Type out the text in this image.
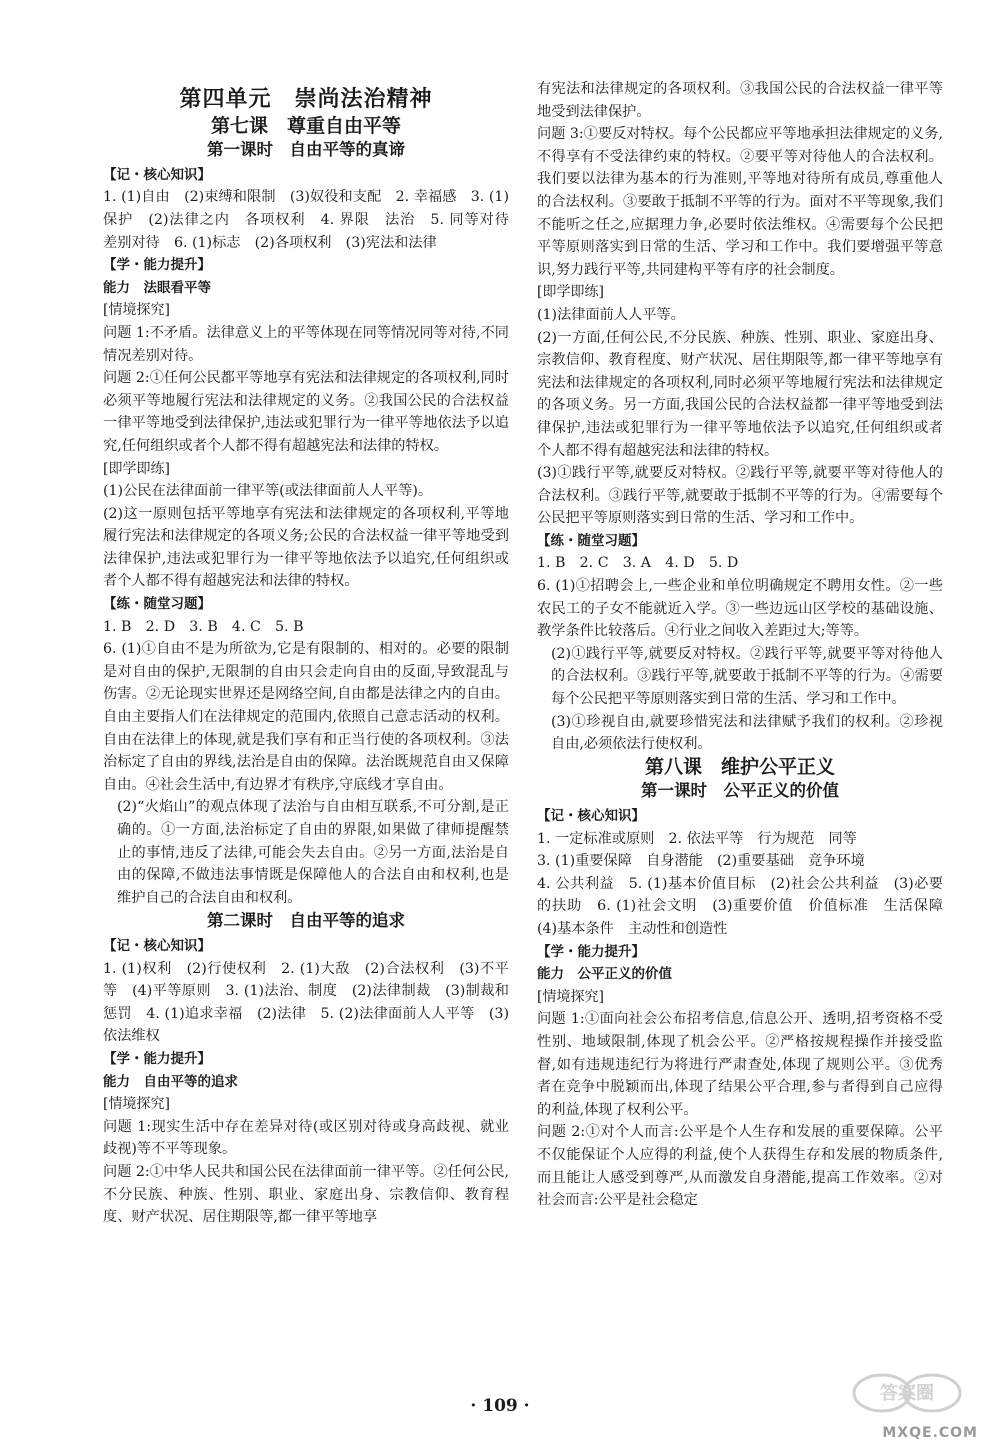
第四单元　崇尚法治精神
第七课　尊重自由平等
第一课时　自由平等的真谛

【记・核心知识】

1. (1)自由　(2)束缚和限制　(3)奴役和支配　2. 幸福感　3. (1)保护　(2)法律之内　各项权利　4. 界限　法治　5. 同等对待　差别对待　6. (1)标志　(2)各项权利　(3)宪法和法律

【学・能力提升】

能力　法眼看平等

[情境探究]

问题 1:不矛盾。法律意义上的平等体现在同等情况同等对待,不同情况差别对待。

问题 2:①任何公民都平等地享有宪法和法律规定的各项权利,同时必须平等地履行宪法和法律规定的义务。②我国公民的合法权益一律平等地受到法律保护,违法或犯罪行为一律平等地依法予以追究,任何组织或者个人都不得有超越宪法和法律的特权。

[即学即练]

(1)公民在法律面前一律平等(或法律面前人人平等)。

(2)这一原则包括平等地享有宪法和法律规定的各项权利,平等地履行宪法和法律规定的各项义务;公民的合法权益一律平等地受到法律保护,违法或犯罪行为一律平等地依法予以追究,任何组织或者个人都不得有超越宪法和法律的特权。

【练・随堂习题】

1. B　2. D　3. B　4. C　5. B

6. (1)①自由不是为所欲为,它是有限制的、相对的。必要的限制是对自由的保护,无限制的自由只会走向自由的反面,导致混乱与伤害。②无论现实世界还是网络空间,自由都是法律之内的自由。自由主要指人们在法律规定的范围内,依照自己意志活动的权利。自由在法律上的体现,就是我们享有和正当行使的各项权利。③法治标定了自由的界线,法治是自由的保障。法治既规范自由又保障自由。④社会生活中,有边界才有秩序,守底线才享自由。

(2)“火焰山”的观点体现了法治与自由相互联系,不可分割,是正确的。①一方面,法治标定了自由的界限,如果做了律师提醒禁止的事情,违反了法律,可能会失去自由。②另一方面,法治是自由的保障,不做违法事情既是保障他人的合法自由和权利,也是维护自己的合法自由和权利。

第二课时　自由平等的追求

【记・核心知识】

1. (1)权利　(2)行使权利　2. (1)大敌　(2)合法权利　(3)不平等　(4)平等原则　3. (1)法治、制度　(2)法律制裁　(3)制裁和惩罚　4. (1)追求幸福　(2)法律　5. (2)法律面前人人平等　(3)依法维权

【学・能力提升】

能力　自由平等的追求

[情境探究]

问题 1:现实生活中存在差异对待(或区别对待或身高歧视、就业歧视)等不平等现象。

问题 2:①中华人民共和国公民在法律面前一律平等。②任何公民,不分民族、种族、性别、职业、家庭出身、宗教信仰、教育程度、财产状况、居住期限等,都一律平等地享

有宪法和法律规定的各项权利。③我国公民的合法权益一律平等地受到法律保护。

问题 3:①要反对特权。每个公民都应平等地承担法律规定的义务,不得享有不受法律约束的特权。②要平等对待他人的合法权利。我们要以法律为基本的行为准则,平等地对待所有成员,尊重他人的合法权利。③要敢于抵制不平等的行为。面对不平等现象,我们不能听之任之,应据理力争,必要时依法维权。④需要每个公民把平等原则落实到日常的生活、学习和工作中。我们要增强平等意识,努力践行平等,共同建构平等有序的社会制度。

[即学即练]

(1)法律面前人人平等。

(2)一方面,任何公民,不分民族、种族、性别、职业、家庭出身、宗教信仰、教育程度、财产状况、居住期限等,都一律平等地享有宪法和法律规定的各项权利,同时必须平等地履行宪法和法律规定的各项义务。另一方面,我国公民的合法权益都一律平等地受到法律保护,违法或犯罪行为一律平等地依法予以追究,任何组织或者个人都不得有超越宪法和法律的特权。

(3)①践行平等,就要反对特权。②践行平等,就要平等对待他人的合法权利。③践行平等,就要敢于抵制不平等的行为。④需要每个公民把平等原则落实到日常的生活、学习和工作中。

【练・随堂习题】

1. B　2. C　3. A　4. D　5. D

6. (1)①招聘会上,一些企业和单位明确规定不聘用女性。②一些农民工的子女不能就近入学。③一些边远山区学校的基础设施、教学条件比较落后。④行业之间收入差距过大;等等。

(2)①践行平等,就要反对特权。②践行平等,就要平等对待他人的合法权利。③践行平等,就要敢于抵制不平等的行为。④需要每个公民把平等原则落实到日常的生活、学习和工作中。

(3)①珍视自由,就要珍惜宪法和法律赋予我们的权利。②珍视自由,必须依法行使权利。

第八课　维护公平正义
第一课时　公平正义的价值

【记・核心知识】

1. 一定标准或原则　2. 依法平等　行为规范　同等

3. (1)重要保障　自身潜能　(2)重要基础　竞争环境

4. 公共利益　5. (1)基本价值目标　(2)社会公共利益　(3)必要的扶助　6. (1)社会文明　(3)重要价值　价值标准　生活保障　(4)基本条件　主动性和创造性

【学・能力提升】

能力　公平正义的价值

[情境探究]

问题 1:①面向社会公布招考信息,信息公开、透明,招考资格不受性别、地域限制,体现了机会公平。②严格按规程操作并接受监督,如有违规违纪行为将进行严肃查处,体现了规则公平。③优秀者在竞争中脱颖而出,体现了结果公平合理,参与者得到自己应得的利益,体现了权利公平。

问题 2:①对个人而言:公平是个人生存和发展的重要保障。公平不仅能保证个人应得的利益,使个人获得生存和发展的物质条件,而且能让人感受到尊严,从而激发自身潜能,提高工作效率。②对社会而言:公平是社会稳定

· 109 ·
答案圈
MXQE.COM
